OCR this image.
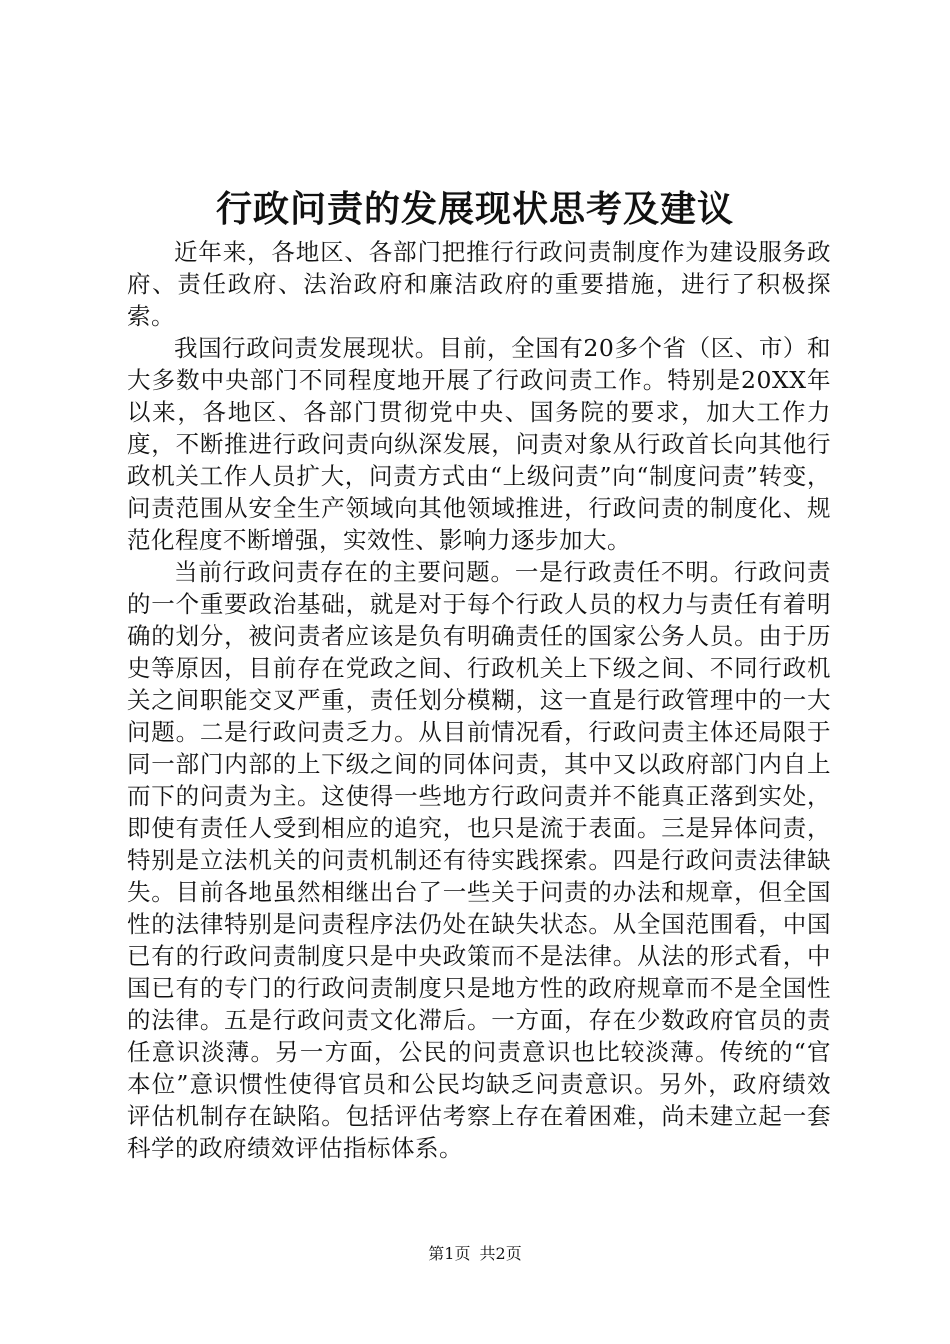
行政问责的发展现状思考及建议

近年来，各地区、各部门把推行行政问责制度作为建设服务政府、责任政府、法治政府和廉洁政府的重要措施，进行了积极探索。

我国行政问责发展现状。目前，全国有20多个省（区、市）和大多数中央部门不同程度地开展了行政问责工作。特别是20XX年以来，各地区、各部门贯彻党中央、国务院的要求，加大工作力度，不断推进行政问责向纵深发展，问责对象从行政首长向其他行政机关工作人员扩大，问责方式由“上级问责”向“制度问责”转变，问责范围从安全生产领域向其他领域推进，行政问责的制度化、规范化程度不断增强，实效性、影响力逐步加大。

当前行政问责存在的主要问题。一是行政责任不明。行政问责的一个重要政治基础，就是对于每个行政人员的权力与责任有着明确的划分，被问责者应该是负有明确责任的国家公务人员。由于历史等原因，目前存在党政之间、行政机关上下级之间、不同行政机关之间职能交叉严重，责任划分模糊，这一直是行政管理中的一大问题。二是行政问责乏力。从目前情况看，行政问责主体还局限于同一部门内部的上下级之间的同体问责，其中又以政府部门内自上而下的问责为主。这使得一些地方行政问责并不能真正落到实处，即使有责任人受到相应的追究，也只是流于表面。三是异体问责，特别是立法机关的问责机制还有待实践探索。四是行政问责法律缺失。目前各地虽然相继出台了一些关于问责的办法和规章，但全国性的法律特别是问责程序法仍处在缺失状态。从全国范围看，中国已有的行政问责制度只是中央政策而不是法律。从法的形式看，中国已有的专门的行政问责制度只是地方性的政府规章而不是全国性的法律。五是行政问责文化滞后。一方面，存在少数政府官员的责任意识淡薄。另一方面，公民的问责意识也比较淡薄。传统的“官本位”意识惯性使得官员和公民均缺乏问责意识。另外，政府绩效评估机制存在缺陷。包括评估考察上存在着困难，尚未建立起一套科学的政府绩效评估指标体系。

第1页 共2页
